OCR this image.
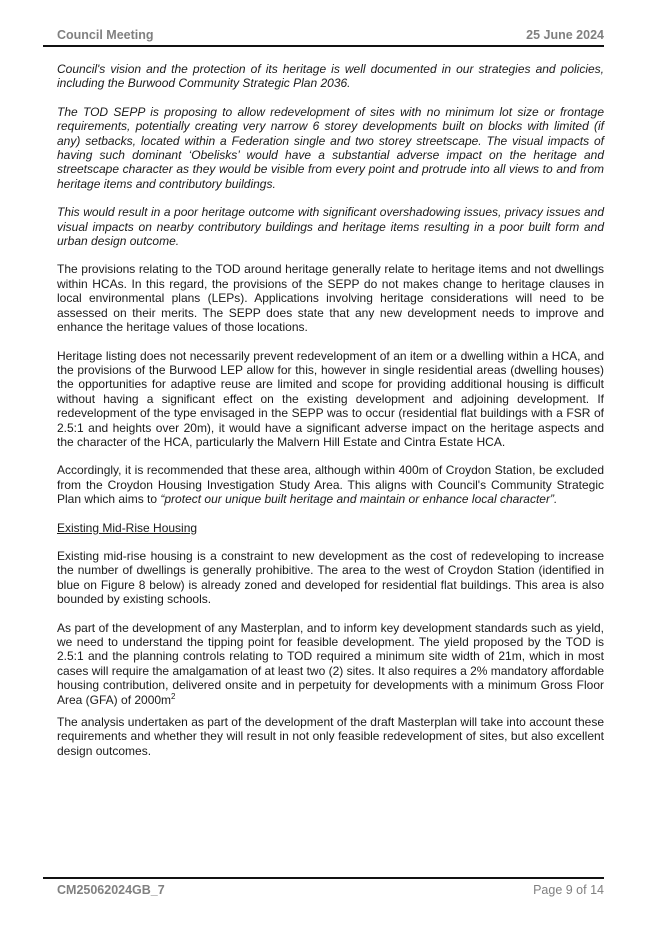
Council Meeting	25 June 2024

Council's vision and the protection of its heritage is well documented in our strategies and policies, including the Burwood Community Strategic Plan 2036.

The TOD SEPP is proposing to allow redevelopment of sites with no minimum lot size or frontage requirements, potentially creating very narrow 6 storey developments built on blocks with limited (if any) setbacks, located within a Federation single and two storey streetscape. The visual impacts of having such dominant ‘Obelisks’ would have a substantial adverse impact on the heritage and streetscape character as they would be visible from every point and protrude into all views to and from heritage items and contributory buildings.

This would result in a poor heritage outcome with significant overshadowing issues, privacy issues and visual impacts on nearby contributory buildings and heritage items resulting in a poor built form and urban design outcome.

The provisions relating to the TOD around heritage generally relate to heritage items and not dwellings within HCAs. In this regard, the provisions of the SEPP do not makes change to heritage clauses in local environmental plans (LEPs). Applications involving heritage considerations will need to be assessed on their merits. The SEPP does state that any new development needs to improve and enhance the heritage values of those locations.

Heritage listing does not necessarily prevent redevelopment of an item or a dwelling within a HCA, and the provisions of the Burwood LEP allow for this, however in single residential areas (dwelling houses) the opportunities for adaptive reuse are limited and scope for providing additional housing is difficult without having a significant effect on the existing development and adjoining development. If redevelopment of the type envisaged in the SEPP was to occur (residential flat buildings with a FSR of 2.5:1 and heights over 20m), it would have a significant adverse impact on the heritage aspects and the character of the HCA, particularly the Malvern Hill Estate and Cintra Estate HCA.

Accordingly, it is recommended that these area, although within 400m of Croydon Station, be excluded from the Croydon Housing Investigation Study Area. This aligns with Council's Community Strategic Plan which aims to “protect our unique built heritage and maintain or enhance local character”.

Existing Mid-Rise Housing

Existing mid-rise housing is a constraint to new development as the cost of redeveloping to increase the number of dwellings is generally prohibitive. The area to the west of Croydon Station (identified in blue on Figure 8 below) is already zoned and developed for residential flat buildings. This area is also bounded by existing schools.

As part of the development of any Masterplan, and to inform key development standards such as yield, we need to understand the tipping point for feasible development. The yield proposed by the TOD is 2.5:1 and the planning controls relating to TOD required a minimum site width of 21m, which in most cases will require the amalgamation of at least two (2) sites. It also requires a 2% mandatory affordable housing contribution, delivered onsite and in perpetuity for developments with a minimum Gross Floor Area (GFA) of $2000m^2$

The analysis undertaken as part of the development of the draft Masterplan will take into account these requirements and whether they will result in not only feasible redevelopment of sites, but also excellent design outcomes.

CM25062024GB_7	Page 9 of 14
